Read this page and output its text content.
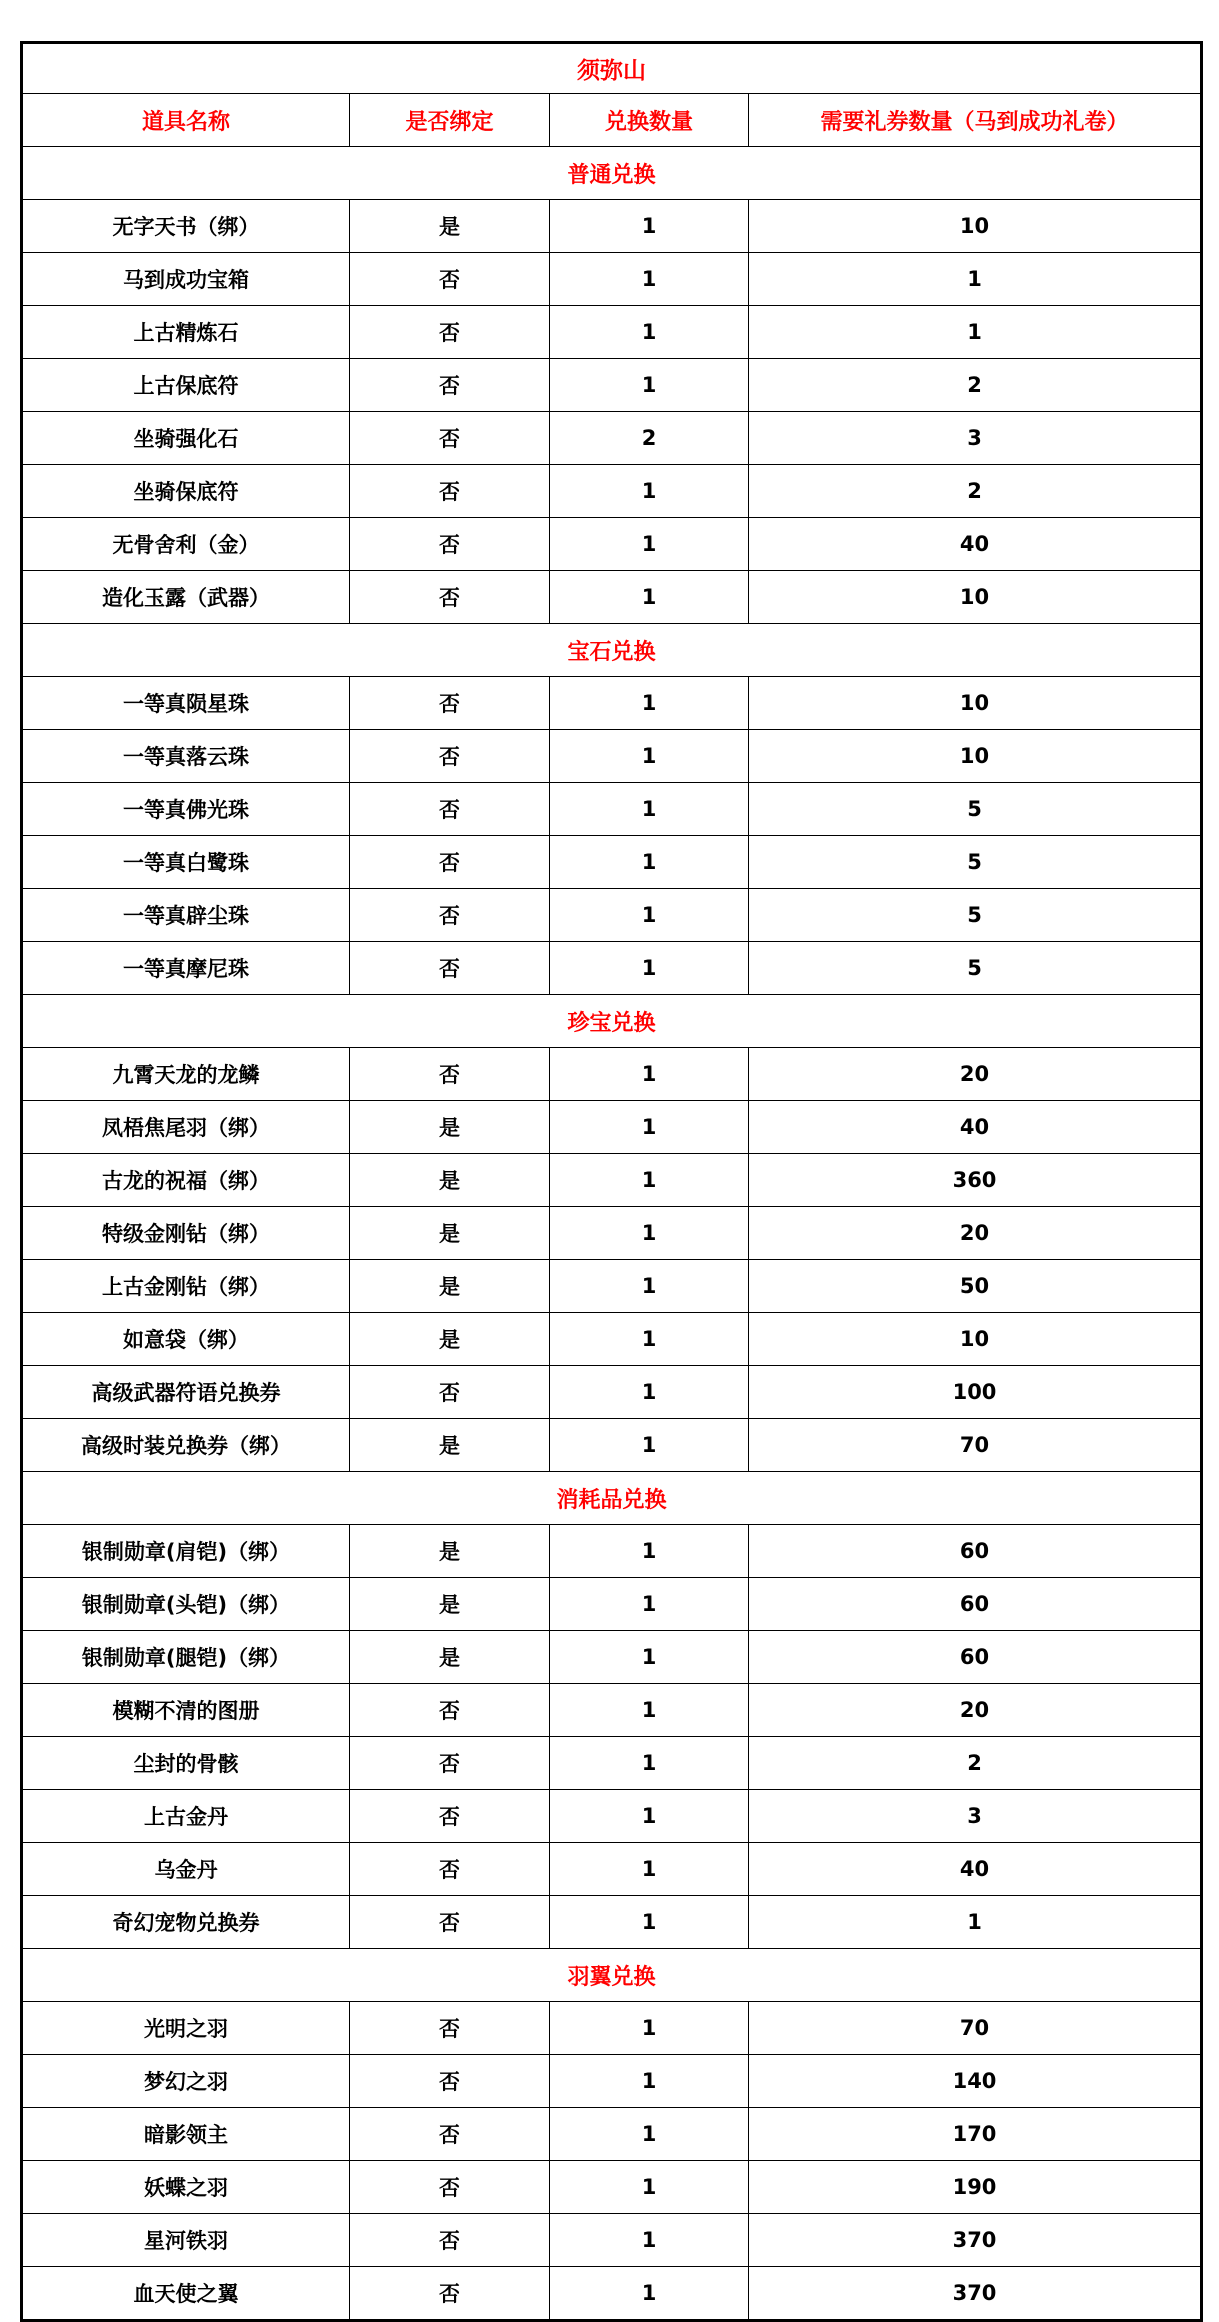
须弥山			
道具名称	是否绑定	兑换数量	需要礼券数量（马到成功礼卷）
普通兑换			
无字天书（绑）	是	1	10
马到成功宝箱	否	1	1
上古精炼石	否	1	1
上古保底符	否	1	2
坐骑强化石	否	2	3
坐骑保底符	否	1	2
无骨舍利（金）	否	1	40
造化玉露（武器）	否	1	10
宝石兑换			
一等真陨星珠	否	1	10
一等真落云珠	否	1	10
一等真佛光珠	否	1	5
一等真白鹭珠	否	1	5
一等真辟尘珠	否	1	5
一等真摩尼珠	否	1	5
珍宝兑换			
九霄天龙的龙鳞	否	1	20
凤梧焦尾羽（绑）	是	1	40
古龙的祝福（绑）	是	1	360
特级金刚钻（绑）	是	1	20
上古金刚钻（绑）	是	1	50
如意袋（绑）	是	1	10
高级武器符语兑换券	否	1	100
高级时装兑换券（绑）	是	1	70
消耗品兑换			
银制勋章(肩铠)（绑）	是	1	60
银制勋章(头铠)（绑）	是	1	60
银制勋章(腿铠)（绑）	是	1	60
模糊不清的图册	否	1	20
尘封的骨骸	否	1	2
上古金丹	否	1	3
乌金丹	否	1	40
奇幻宠物兑换券	否	1	1
羽翼兑换			
光明之羽	否	1	70
梦幻之羽	否	1	140
暗影领主	否	1	170
妖蝶之羽	否	1	190
星河铁羽	否	1	370
血天使之翼	否	1	370
